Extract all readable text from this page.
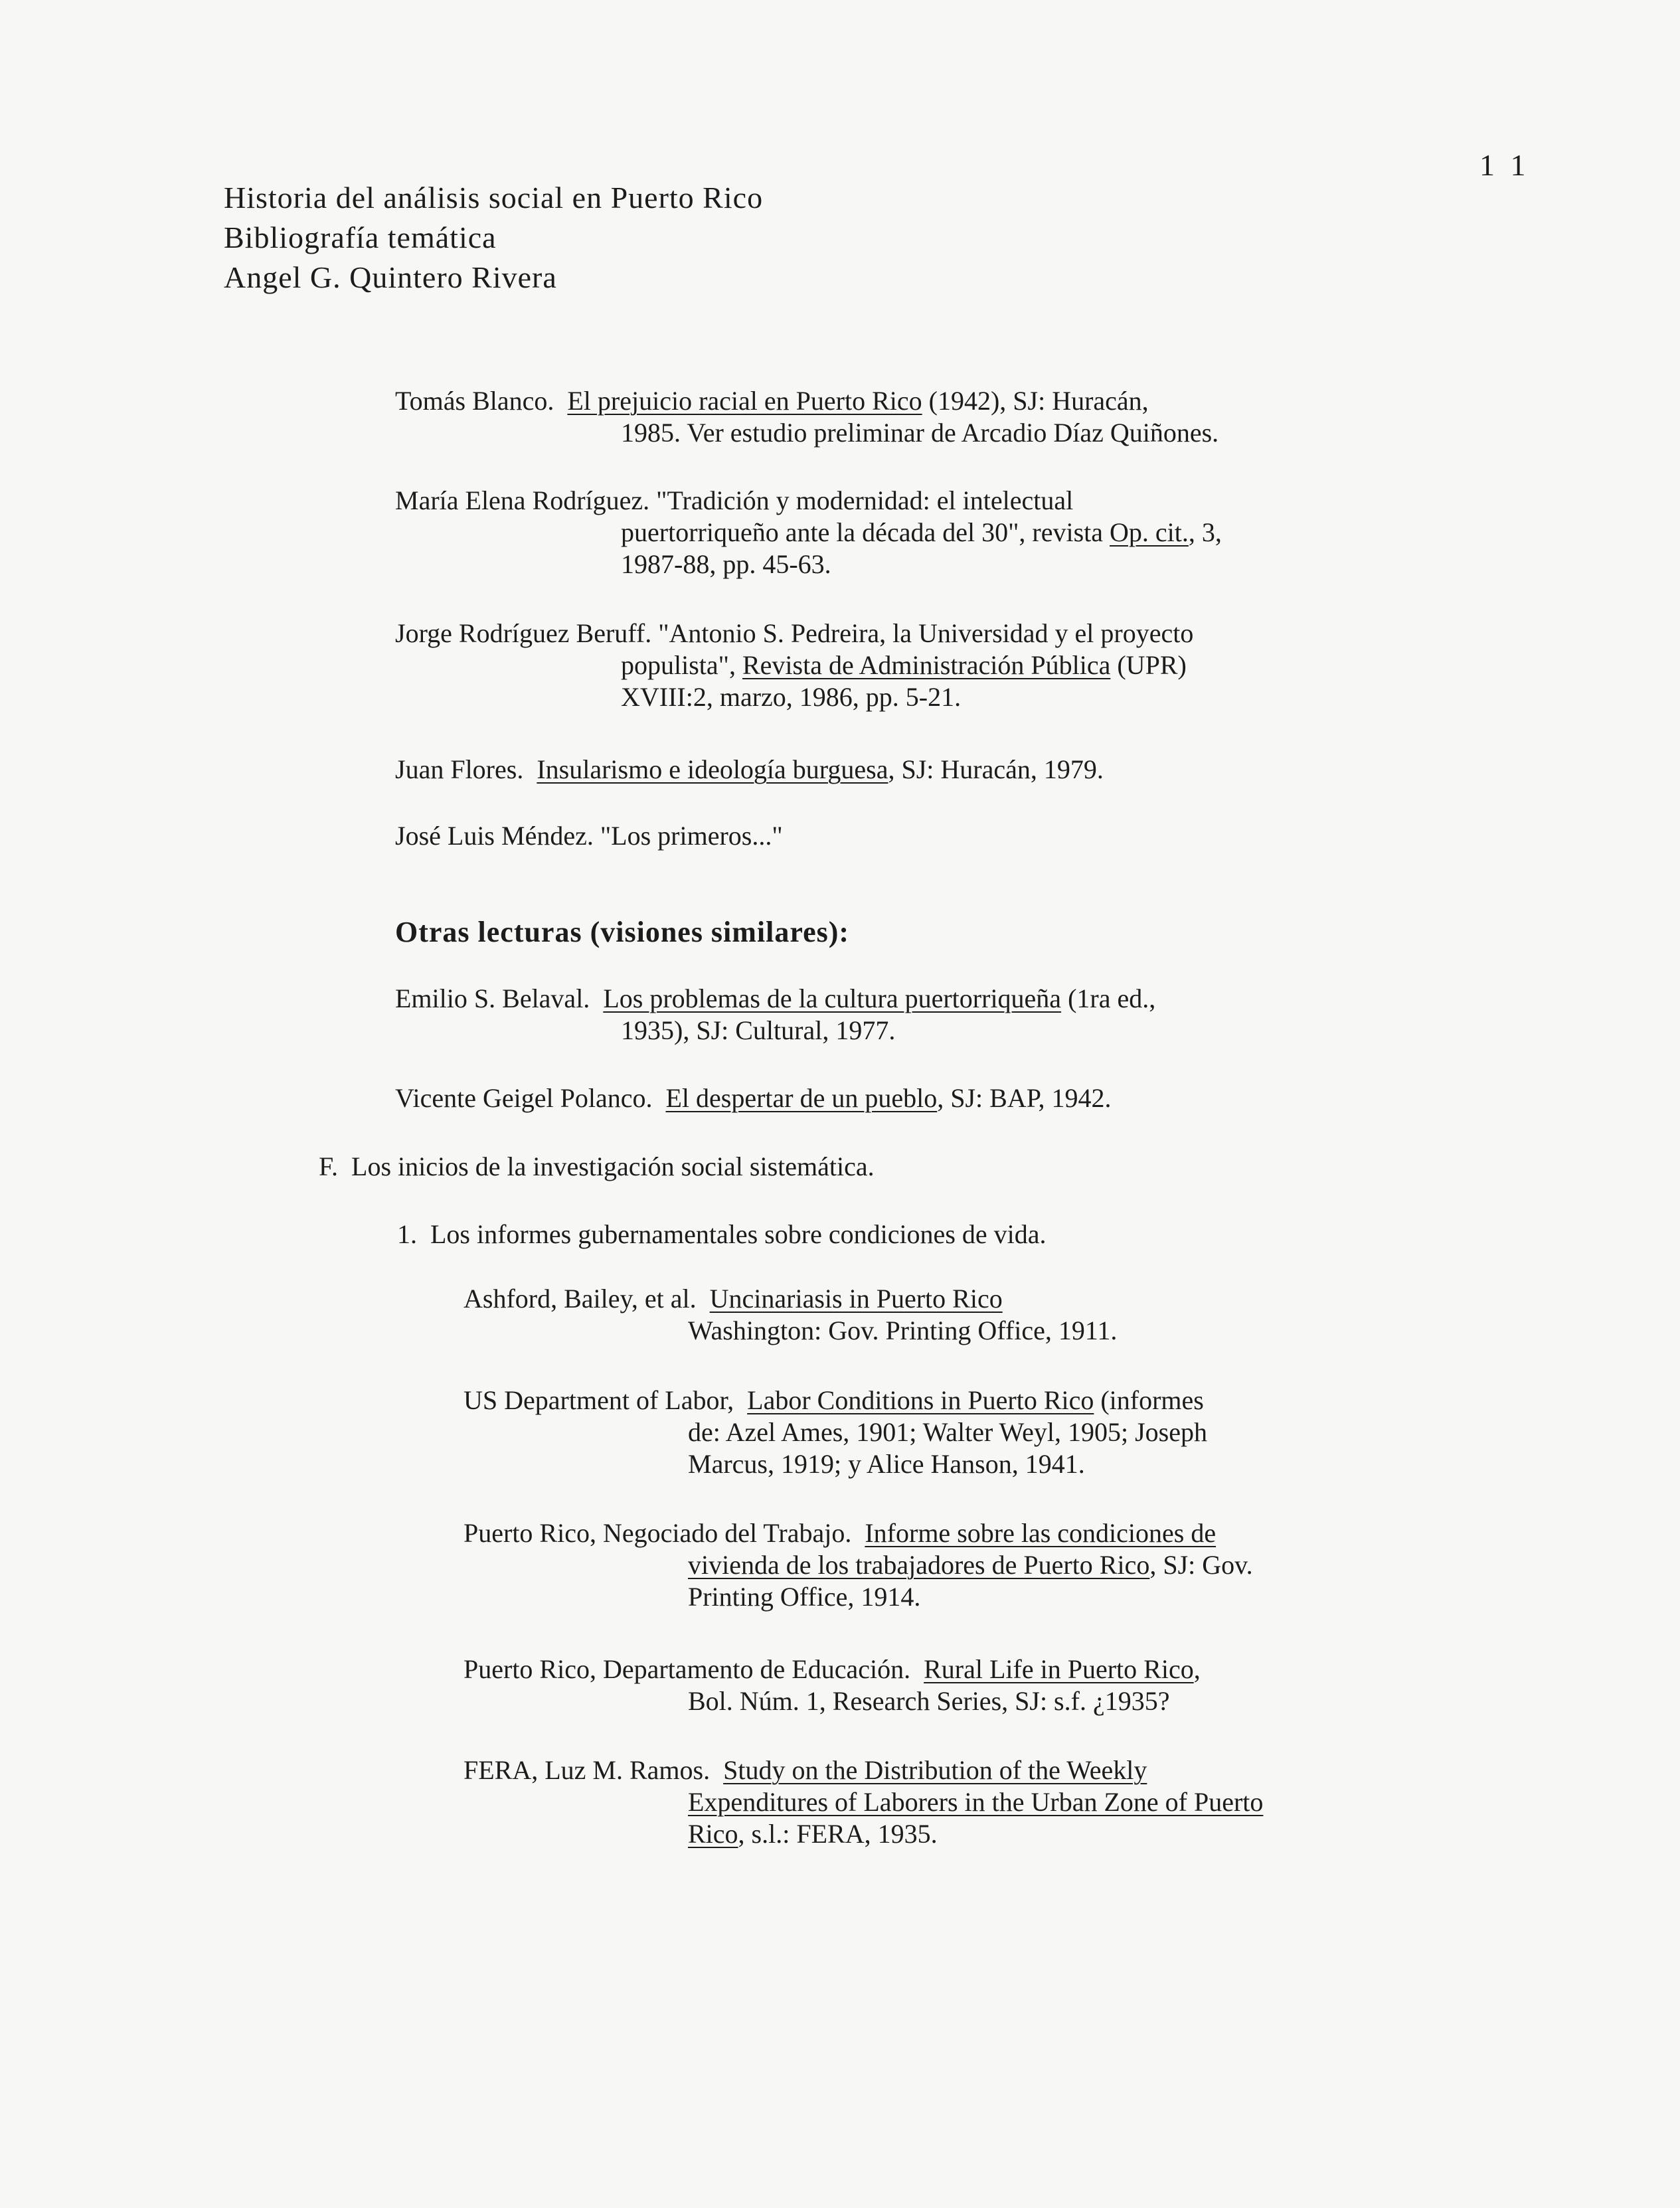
1 1
Historia del análisis social en Puerto Rico
Bibliografía temática
Angel G. Quintero Rivera
Tomás Blanco. El prejuicio racial en Puerto Rico (1942), SJ: Huracán,
1985. Ver estudio preliminar de Arcadio Díaz Quiñones.
María Elena Rodríguez. "Tradición y modernidad: el intelectual
puertorriqueño ante la década del 30", revista Op. cit., 3,
1987-88, pp. 45-63.
Jorge Rodríguez Beruff. "Antonio S. Pedreira, la Universidad y el proyecto
populista", Revista de Administración Pública (UPR)
XVIII:2, marzo, 1986, pp. 5-21.
Juan Flores. Insularismo e ideología burguesa, SJ: Huracán, 1979.
José Luis Méndez. "Los primeros..."
Otras lecturas (visiones similares):
Emilio S. Belaval. Los problemas de la cultura puertorriqueña (1ra ed.,
1935), SJ: Cultural, 1977.
Vicente Geigel Polanco. El despertar de un pueblo, SJ: BAP, 1942.
F. Los inicios de la investigación social sistemática.
1. Los informes gubernamentales sobre condiciones de vida.
Ashford, Bailey, et al. Uncinariasis in Puerto Rico
Washington: Gov. Printing Office, 1911.
US Department of Labor, Labor Conditions in Puerto Rico (informes
de: Azel Ames, 1901; Walter Weyl, 1905; Joseph
Marcus, 1919; y Alice Hanson, 1941.
Puerto Rico, Negociado del Trabajo. Informe sobre las condiciones de
vivienda de los trabajadores de Puerto Rico, SJ: Gov.
Printing Office, 1914.
Puerto Rico, Departamento de Educación. Rural Life in Puerto Rico,
Bol. Núm. 1, Research Series, SJ: s.f. ¿1935?
FERA, Luz M. Ramos. Study on the Distribution of the Weekly
Expenditures of Laborers in the Urban Zone of Puerto
Rico, s.l.: FERA, 1935.
